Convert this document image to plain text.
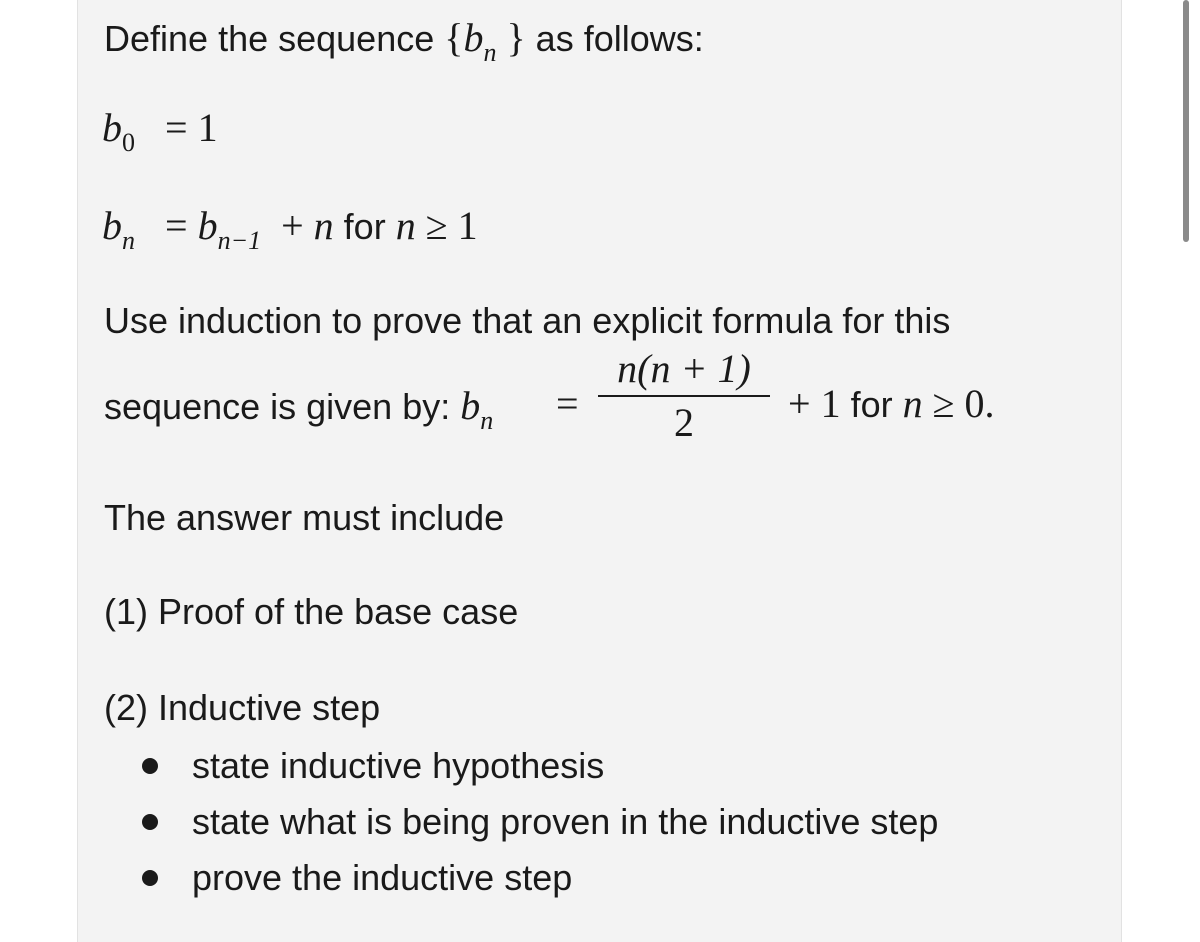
Define the sequence {$b_n$ } as follows:
$b_0 = 1$
$b_n = b_{n-1} + n$ for n ≥ 1
Use induction to prove that an explicit formula for this
sequence is given by: $b_n$ =
n(n + 1)
2	+ 1 for n ≥ 0.
The answer must include
(1) Proof of the base case
(2) Inductive step
state inductive hypothesis
state what is being proven in the inductive step
prove the inductive step
